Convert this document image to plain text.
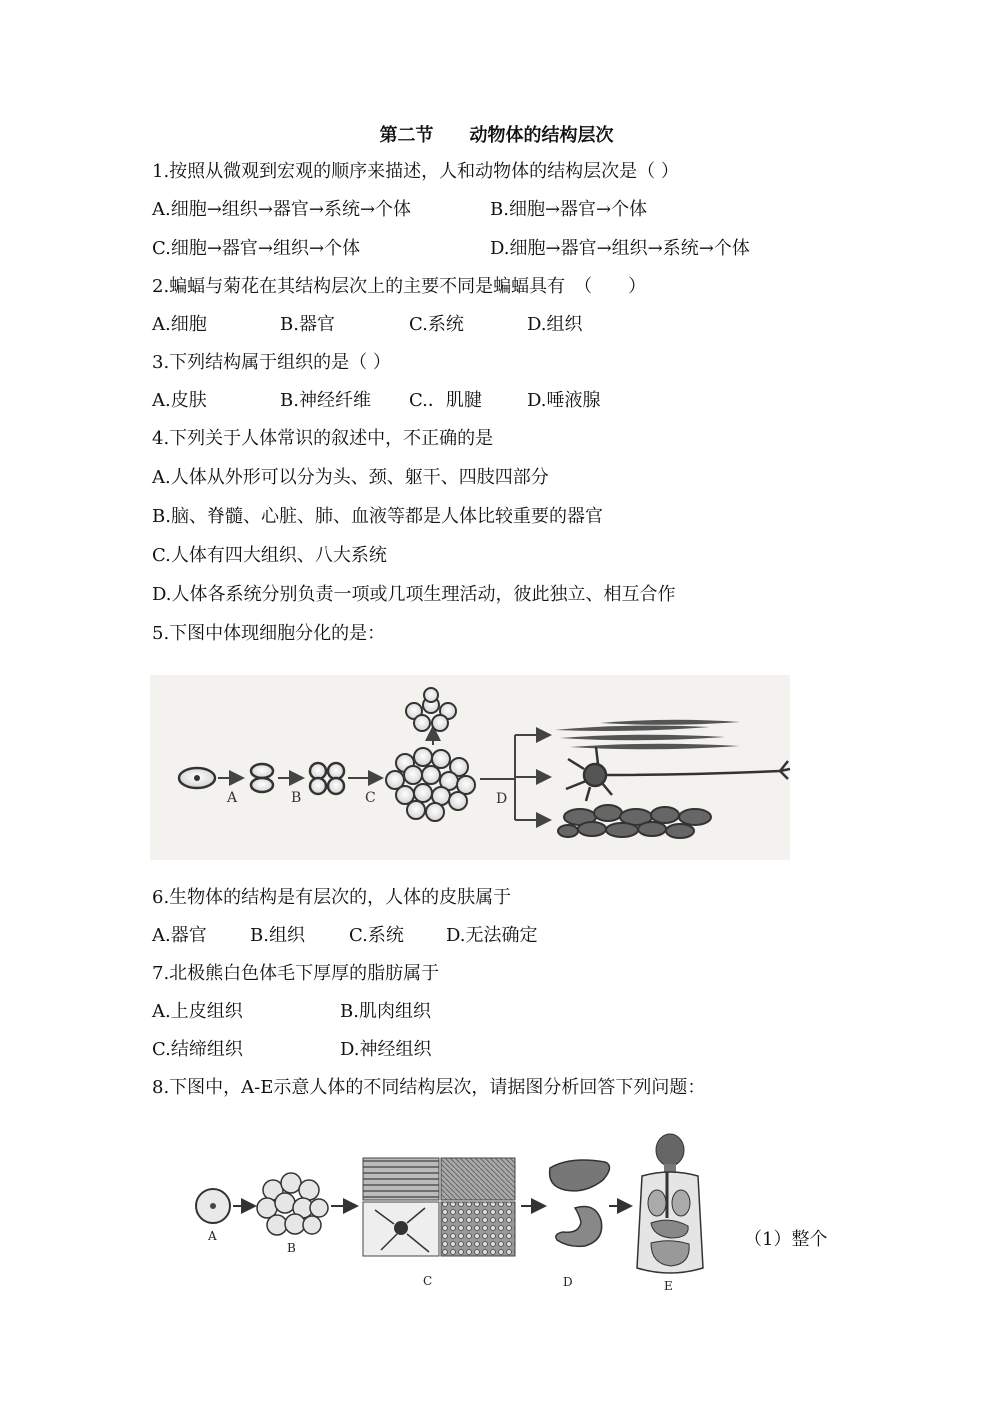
第二节　　动物体的结构层次
1.按照从微观到宏观的顺序来描述，人和动物体的结构层次是（ ）
A.细胞→组织→器官→系统→个体	B.细胞→器官→个体
C.细胞→器官→组织→个体	D.细胞→器官→组织→系统→个体
2.蝙蝠与菊花在其结构层次上的主要不同是蝙蝠具有　（　　）
A.细胞	B.器官	C.系统	D.组织
3.下列结构属于组织的是（ ）
A.皮肤	B.神经纤维 C.．肌腱	D.唾液腺
4.下列关于人体常识的叙述中，不正确的是
A.人体从外形可以分为头、颈、躯干、四肢四部分
B.脑、脊髓、心脏、肺、血液等都是人体比较重要的器官
C.人体有四大组织、八大系统
D.人体各系统分别负责一项或几项生理活动，彼此独立、相互合作
5.下图中体现细胞分化的是：
A	B	C	D
6.生物体的结构是有层次的，人体的皮肤属于
A.器官 B.组织 C.系统 D.无法确定
7.北极熊白色体毛下厚厚的脂肪属于
A.上皮组织	B.肌肉组织
C.结缔组织	D.神经组织
8.下图中，A-E示意人体的不同结构层次，请据图分析回答下列问题：
A
B
C	D	E
（1）整个
